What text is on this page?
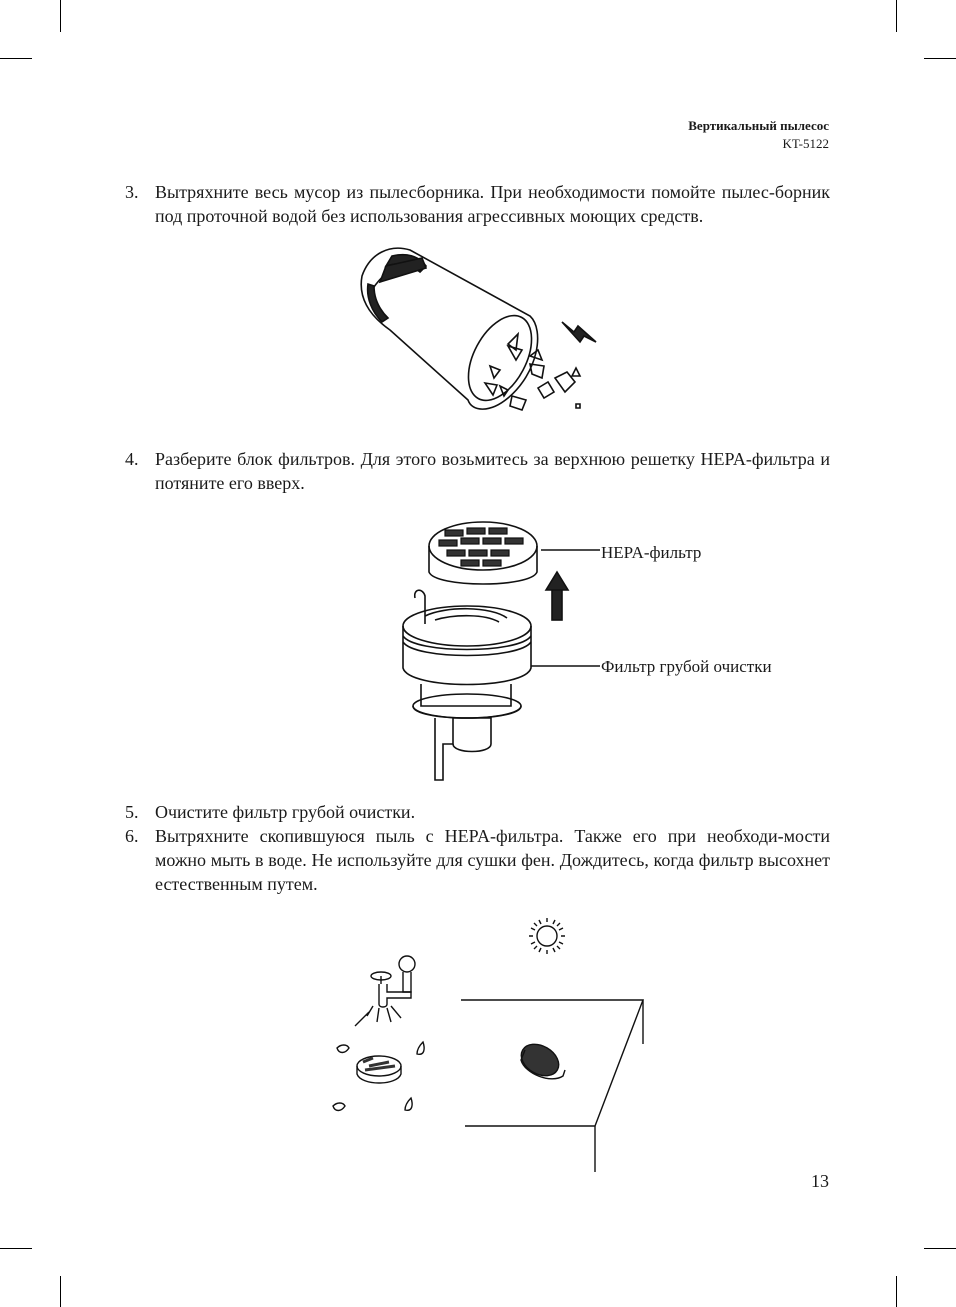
Вертикальный пылесос
KT-5122
3. Вытряхните весь мусор из пылесборника. При необходимости помойте пылес-борник под проточной водой без использования агрессивных моющих средств.
4. Разберите блок фильтров. Для этого возьмитесь за верхнюю решетку HEPA-фильтра и потяните его вверх.
HEPA-фильтр
Фильтр грубой очистки
5. Очистите фильтр грубой очистки.
6. Вытряхните скопившуюся пыль с HEPA-фильтра. Также его при необходи-мости можно мыть в воде. Не используйте для сушки фен. Дождитесь, когда фильтр высохнет естественным путем.
13
